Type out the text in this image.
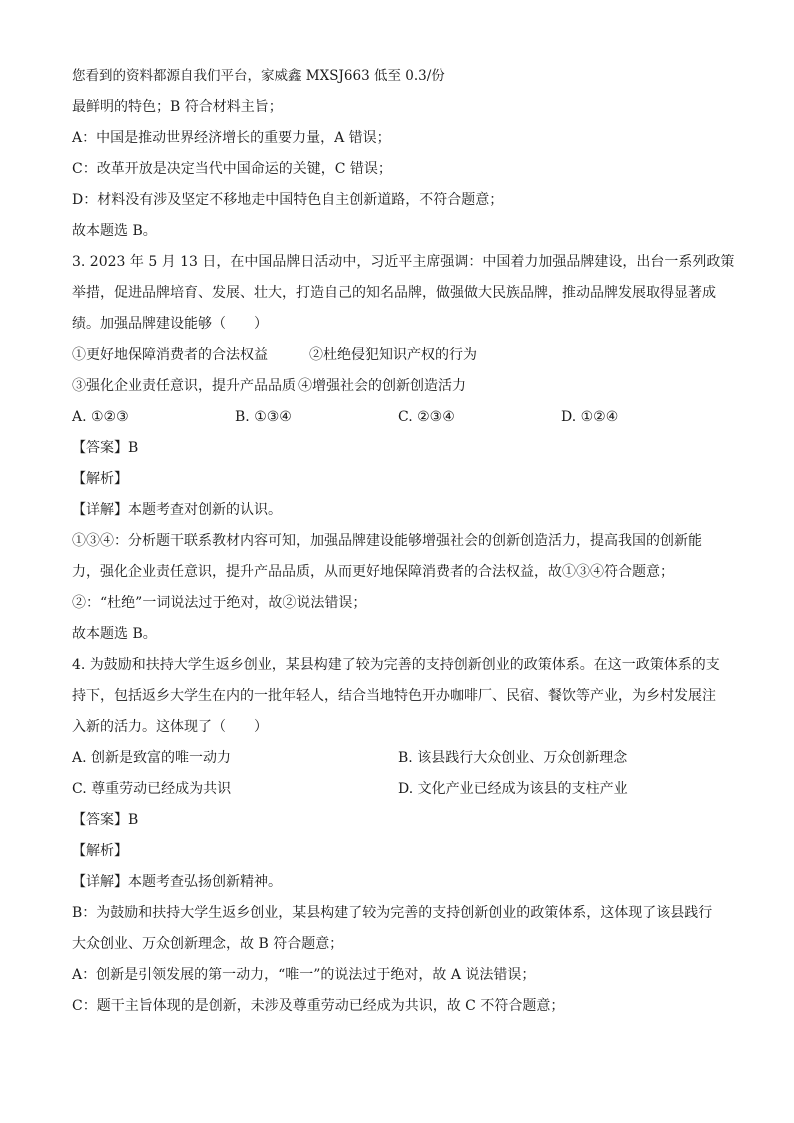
您看到的资料都源自我们平台，家威鑫 MXSJ663 低至 0.3/份
最鲜明的特色；B 符合材料主旨；
A：中国是推动世界经济增长的重要力量，A 错误；
C：改革开放是决定当代中国命运的关键，C 错误；
D：材料没有涉及坚定不移地走中国特色自主创新道路，不符合题意；
故本题选 B。
3. 2023 年 5 月 13 日，在中国品牌日活动中，习近平主席强调：中国着力加强品牌建设，出台一系列政策
举措，促进品牌培育、发展、壮大，打造自己的知名品牌，做强做大民族品牌，推动品牌发展取得显著成
绩。加强品牌建设能够（　　）
①更好地保障消费者的合法权益	②杜绝侵犯知识产权的行为
③强化企业责任意识，提升产品品质 ④增强社会的创新创造活力
A. ①②③	B. ①③④	C. ②③④	D. ①②④
【答案】B
【解析】
【详解】本题考查对创新的认识。
①③④：分析题干联系教材内容可知，加强品牌建设能够增强社会的创新创造活力，提高我国的创新能
力，强化企业责任意识，提升产品品质，从而更好地保障消费者的合法权益，故①③④符合题意；
②：“杜绝”一词说法过于绝对，故②说法错误；
故本题选 B。
4. 为鼓励和扶持大学生返乡创业，某县构建了较为完善的支持创新创业的政策体系。在这一政策体系的支
持下，包括返乡大学生在内的一批年轻人，结合当地特色开办咖啡厂、民宿、餐饮等产业，为乡村发展注
入新的活力。这体现了（　　）
A. 创新是致富的唯一动力	B. 该县践行大众创业、万众创新理念
C. 尊重劳动已经成为共识	D. 文化产业已经成为该县的支柱产业
【答案】B
【解析】
【详解】本题考查弘扬创新精神。
B：为鼓励和扶持大学生返乡创业，某县构建了较为完善的支持创新创业的政策体系，这体现了该县践行
大众创业、万众创新理念，故 B 符合题意；
A：创新是引领发展的第一动力，“唯一”的说法过于绝对，故 A 说法错误；
C：题干主旨体现的是创新，未涉及尊重劳动已经成为共识，故 C 不符合题意；
